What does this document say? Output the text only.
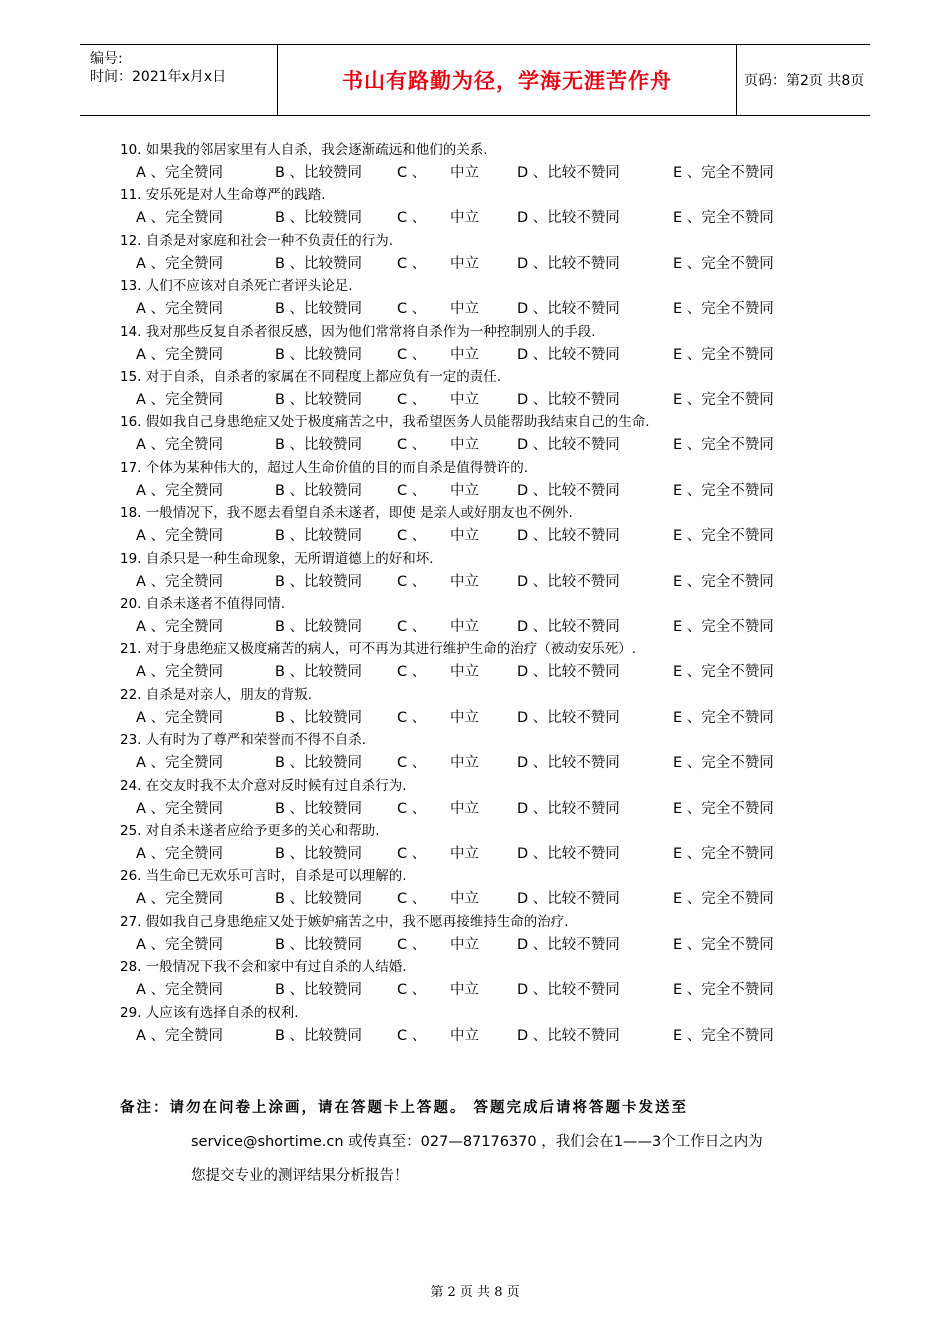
编号:
时间：2021年x月x日	书山有路勤为径，学海无涯苦作舟	页码：第2页 共8页
10. 如果我的邻居家里有人自杀，我会逐渐疏远和他们的关系.
A 、完全赞同	B 、比较赞同 C 、 中立	D 、比较不赞同	E 、完全不赞同
11. 安乐死是对人生命尊严的践踏.
A 、完全赞同	B 、比较赞同 C 、 中立	D 、比较不赞同	E 、完全不赞同
12. 自杀是对家庭和社会一种不负责任的行为.
A 、完全赞同	B 、比较赞同 C 、 中立	D 、比较不赞同	E 、完全不赞同
13. 人们不应该对自杀死亡者评头论足.
A 、完全赞同	B 、比较赞同 C 、 中立	D 、比较不赞同	E 、完全不赞同
14. 我对那些反复自杀者很反感，因为他们常常将自杀作为一种控制别人的手段.
A 、完全赞同	B 、比较赞同 C 、 中立	D 、比较不赞同	E 、完全不赞同
15. 对于自杀，自杀者的家属在不同程度上都应负有一定的责任.
A 、完全赞同	B 、比较赞同 C 、 中立	D 、比较不赞同	E 、完全不赞同
16. 假如我自己身患绝症又处于极度痛苦之中，我希望医务人员能帮助我结束自己的生命.
A 、完全赞同	B 、比较赞同 C 、 中立	D 、比较不赞同	E 、完全不赞同
17. 个体为某种伟大的，超过人生命价值的目的而自杀是值得赞许的.
A 、完全赞同	B 、比较赞同 C 、 中立	D 、比较不赞同	E 、完全不赞同
18. 一般情况下，我不愿去看望自杀未遂者，即使 是亲人或好朋友也不例外.
A 、完全赞同	B 、比较赞同 C 、 中立	D 、比较不赞同	E 、完全不赞同
19. 自杀只是一种生命现象，无所谓道德上的好和坏.
A 、完全赞同	B 、比较赞同 C 、 中立	D 、比较不赞同	E 、完全不赞同
20. 自杀未遂者不值得同情.
A 、完全赞同	B 、比较赞同 C 、 中立	D 、比较不赞同	E 、完全不赞同
21. 对于身患绝症又极度痛苦的病人，可不再为其进行维护生命的治疗（被动安乐死）.
A 、完全赞同	B 、比较赞同 C 、 中立	D 、比较不赞同	E 、完全不赞同
22. 自杀是对亲人，朋友的背叛.
A 、完全赞同	B 、比较赞同 C 、 中立	D 、比较不赞同	E 、完全不赞同
23. 人有时为了尊严和荣誉而不得不自杀.
A 、完全赞同	B 、比较赞同 C 、 中立	D 、比较不赞同	E 、完全不赞同
24. 在交友时我不太介意对反时候有过自杀行为.
A 、完全赞同	B 、比较赞同 C 、 中立	D 、比较不赞同	E 、完全不赞同
25. 对自杀未遂者应给予更多的关心和帮助.
A 、完全赞同	B 、比较赞同 C 、 中立	D 、比较不赞同	E 、完全不赞同
26. 当生命已无欢乐可言时，自杀是可以理解的.
A 、完全赞同	B 、比较赞同 C 、 中立	D 、比较不赞同	E 、完全不赞同
27. 假如我自己身患绝症又处于嫉妒痛苦之中，我不愿再接维持生命的治疗.
A 、完全赞同	B 、比较赞同 C 、 中立	D 、比较不赞同	E 、完全不赞同
28. 一般情况下我不会和家中有过自杀的人结婚.
A 、完全赞同	B 、比较赞同 C 、 中立	D 、比较不赞同	E 、完全不赞同
29. 人应该有选择自杀的权利.
A 、完全赞同	B 、比较赞同 C 、 中立	D 、比较不赞同	E 、完全不赞同
备注：请勿在问卷上涂画，请在答题卡上答题。 答题完成后请将答题卡发送至
service@shortime.cn 或传真至：027—87176370 ，我们会在1——3个工作日之内为
您提交专业的测评结果分析报告！
第 2 页 共 8 页
